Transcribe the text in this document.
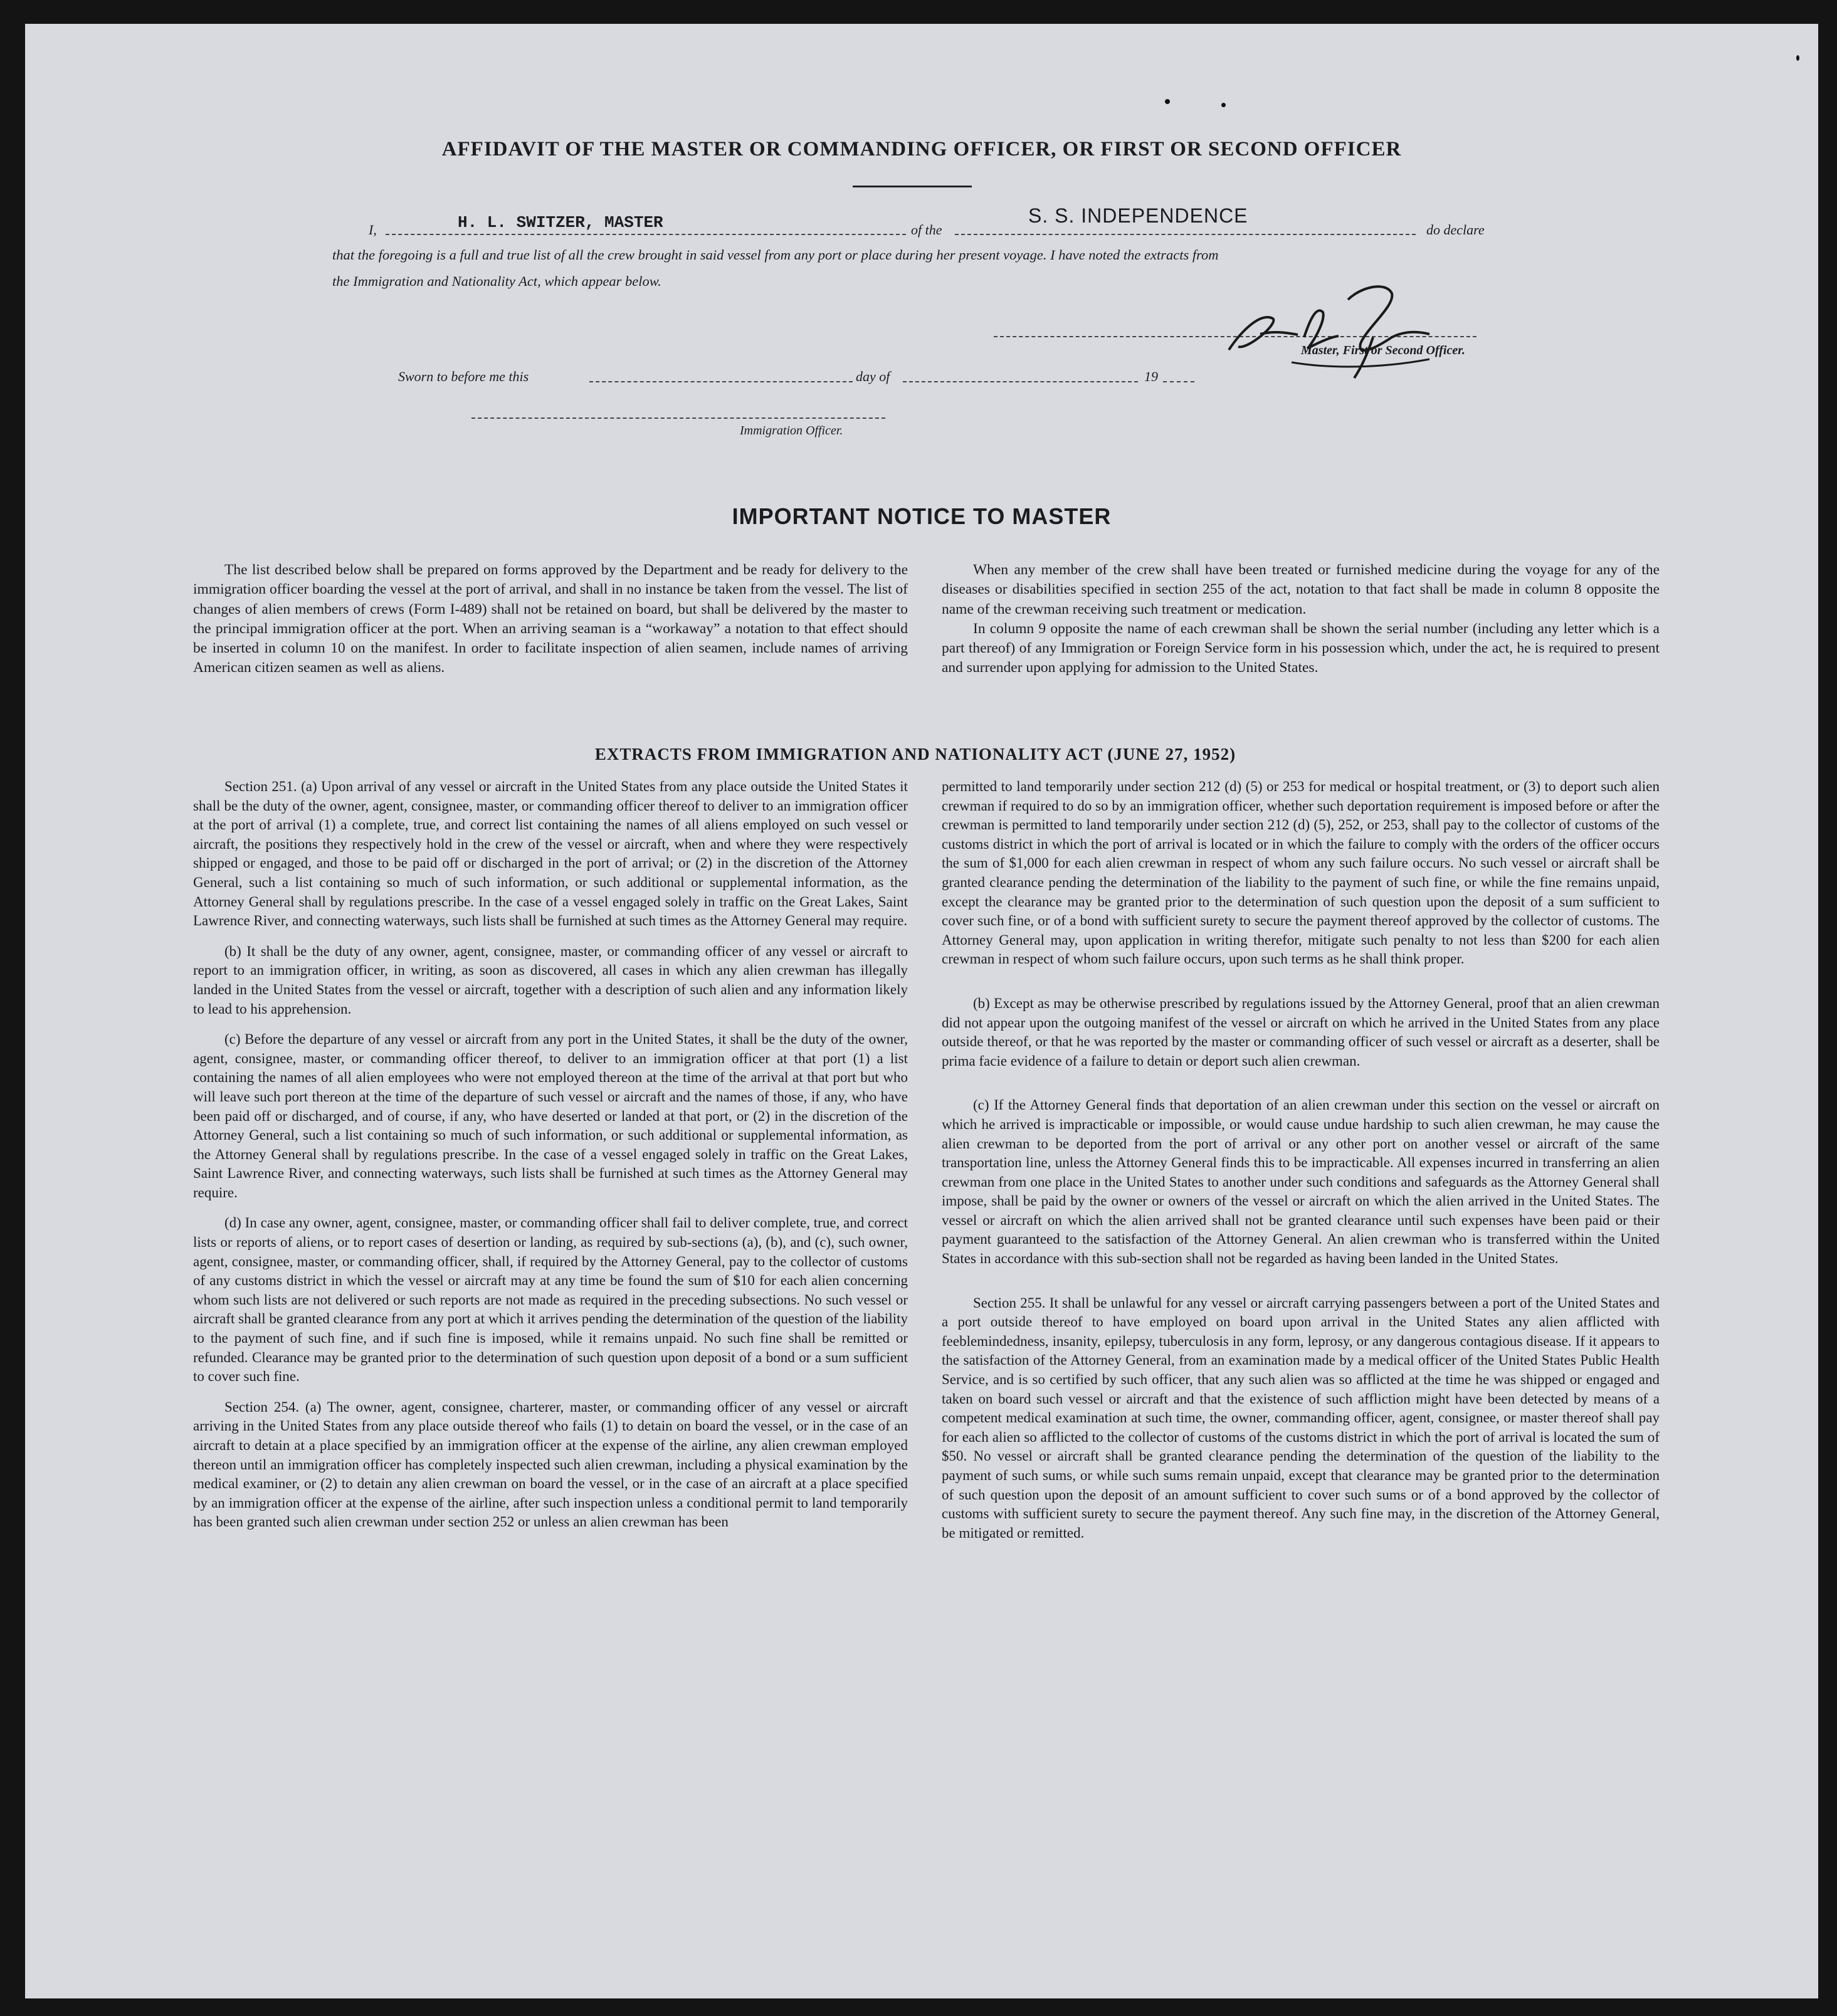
AFFIDAVIT OF THE MASTER OR COMMANDING OFFICER, OR FIRST OR SECOND OFFICER
I,	H. L. SWITZER, MASTER	of the
S. S. INDEPENDENCE
do declare
that the foregoing is a full and true list of all the crew brought in said vessel from any port or place during her present voyage. I have noted the extracts from
the Immigration and Nationality Act, which appear below.
Master, First or Second Officer.
Sworn to before me this	day of	19
Immigration Officer.
IMPORTANT NOTICE TO MASTER

The list described below shall be prepared on forms approved by the Department and be ready for delivery to the immigration officer boarding the vessel at the port of arrival, and shall in no instance be taken from the vessel. The list of changes of alien members of crews (Form I-489) shall not be retained on board, but shall be delivered by the master to the principal immigration officer at the port. When an arriving seaman is a “workaway” a notation to that effect should be inserted in column 10 on the manifest. In order to facilitate inspection of alien seamen, include names of arriving American citizen seamen as well as aliens.

When any member of the crew shall have been treated or furnished medicine during the voyage for any of the diseases or disabilities specified in section 255 of the act, notation to that fact shall be made in column 8 opposite the name of the crewman receiving such treatment or medication.

In column 9 opposite the name of each crewman shall be shown the serial number (including any letter which is a part thereof) of any Immigration or Foreign Service form in his possession which, under the act, he is required to present and surrender upon applying for admission to the United States.

EXTRACTS FROM IMMIGRATION AND NATIONALITY ACT (JUNE 27, 1952)

Section 251. (a) Upon arrival of any vessel or aircraft in the United States from any place outside the United States it shall be the duty of the owner, agent, consignee, master, or commanding officer thereof to deliver to an immigration officer at the port of arrival (1) a complete, true, and correct list containing the names of all aliens employed on such vessel or aircraft, the positions they respectively hold in the crew of the vessel or aircraft, when and where they were respectively shipped or engaged, and those to be paid off or discharged in the port of arrival; or (2) in the discretion of the Attorney General, such a list containing so much of such information, or such additional or supplemental information, as the Attorney General shall by regulations prescribe. In the case of a vessel engaged solely in traffic on the Great Lakes, Saint Lawrence River, and connecting waterways, such lists shall be furnished at such times as the Attorney General may require.

(b) It shall be the duty of any owner, agent, consignee, master, or commanding officer of any vessel or aircraft to report to an immigration officer, in writing, as soon as discovered, all cases in which any alien crewman has illegally landed in the United States from the vessel or aircraft, together with a description of such alien and any information likely to lead to his apprehension.

(c) Before the departure of any vessel or aircraft from any port in the United States, it shall be the duty of the owner, agent, consignee, master, or commanding officer thereof, to deliver to an immigration officer at that port (1) a list containing the names of all alien employees who were not employed thereon at the time of the arrival at that port but who will leave such port thereon at the time of the departure of such vessel or aircraft and the names of those, if any, who have been paid off or discharged, and of course, if any, who have deserted or landed at that port, or (2) in the discretion of the Attorney General, such a list containing so much of such information, or such additional or supplemental information, as the Attorney General shall by regulations prescribe. In the case of a vessel engaged solely in traffic on the Great Lakes, Saint Lawrence River, and connecting waterways, such lists shall be furnished at such times as the Attorney General may require.

(d) In case any owner, agent, consignee, master, or commanding officer shall fail to deliver complete, true, and correct lists or reports of aliens, or to report cases of desertion or landing, as required by sub-sections (a), (b), and (c), such owner, agent, consignee, master, or commanding officer, shall, if required by the Attorney General, pay to the collector of customs of any customs district in which the vessel or aircraft may at any time be found the sum of $10 for each alien concerning whom such lists are not delivered or such reports are not made as required in the preceding subsections. No such vessel or aircraft shall be granted clearance from any port at which it arrives pending the determination of the question of the liability to the payment of such fine, and if such fine is imposed, while it remains unpaid. No such fine shall be remitted or refunded. Clearance may be granted prior to the determination of such question upon deposit of a bond or a sum sufficient to cover such fine.

Section 254. (a) The owner, agent, consignee, charterer, master, or commanding officer of any vessel or aircraft arriving in the United States from any place outside thereof who fails (1) to detain on board the vessel, or in the case of an aircraft to detain at a place specified by an immigration officer at the expense of the airline, any alien crewman employed thereon until an immigration officer has completely inspected such alien crewman, including a physical examination by the medical examiner, or (2) to detain any alien crewman on board the vessel, or in the case of an aircraft at a place specified by an immigration officer at the expense of the airline, after such inspection unless a conditional permit to land temporarily has been granted such alien crewman under section 252 or unless an alien crewman has been

permitted to land temporarily under section 212 (d) (5) or 253 for medical or hospital treatment, or (3) to deport such alien crewman if required to do so by an immigration officer, whether such deportation requirement is imposed before or after the crewman is permitted to land temporarily under section 212 (d) (5), 252, or 253, shall pay to the collector of customs of the customs district in which the port of arrival is located or in which the failure to comply with the orders of the officer occurs the sum of $1,000 for each alien crewman in respect of whom any such failure occurs. No such vessel or aircraft shall be granted clearance pending the determination of the liability to the payment of such fine, or while the fine remains unpaid, except the clearance may be granted prior to the determination of such question upon the deposit of a sum sufficient to cover such fine, or of a bond with sufficient surety to secure the payment thereof approved by the collector of customs. The Attorney General may, upon application in writing therefor, mitigate such penalty to not less than $200 for each alien crewman in respect of whom such failure occurs, upon such terms as he shall think proper.

(b) Except as may be otherwise prescribed by regulations issued by the Attorney General, proof that an alien crewman did not appear upon the outgoing manifest of the vessel or aircraft on which he arrived in the United States from any place outside thereof, or that he was reported by the master or commanding officer of such vessel or aircraft as a deserter, shall be prima facie evidence of a failure to detain or deport such alien crewman.

(c) If the Attorney General finds that deportation of an alien crewman under this section on the vessel or aircraft on which he arrived is impracticable or impossible, or would cause undue hardship to such alien crewman, he may cause the alien crewman to be deported from the port of arrival or any other port on another vessel or aircraft of the same transportation line, unless the Attorney General finds this to be impracticable. All expenses incurred in transferring an alien crewman from one place in the United States to another under such conditions and safeguards as the Attorney General shall impose, shall be paid by the owner or owners of the vessel or aircraft on which the alien arrived in the United States. The vessel or aircraft on which the alien arrived shall not be granted clearance until such expenses have been paid or their payment guaranteed to the satisfaction of the Attorney General. An alien crewman who is transferred within the United States in accordance with this sub-section shall not be regarded as having been landed in the United States.

Section 255. It shall be unlawful for any vessel or aircraft carrying passengers between a port of the United States and a port outside thereof to have employed on board upon arrival in the United States any alien afflicted with feeblemindedness, insanity, epilepsy, tuberculosis in any form, leprosy, or any dangerous contagious disease. If it appears to the satisfaction of the Attorney General, from an examination made by a medical officer of the United States Public Health Service, and is so certified by such officer, that any such alien was so afflicted at the time he was shipped or engaged and taken on board such vessel or aircraft and that the existence of such affliction might have been detected by means of a competent medical examination at such time, the owner, commanding officer, agent, consignee, or master thereof shall pay for each alien so afflicted to the collector of customs of the customs district in which the port of arrival is located the sum of $50. No vessel or aircraft shall be granted clearance pending the determination of the question of the liability to the payment of such sums, or while such sums remain unpaid, except that clearance may be granted prior to the determination of such question upon the deposit of an amount sufficient to cover such sums or of a bond approved by the collector of customs with sufficient surety to secure the payment thereof. Any such fine may, in the discretion of the Attorney General, be mitigated or remitted.
